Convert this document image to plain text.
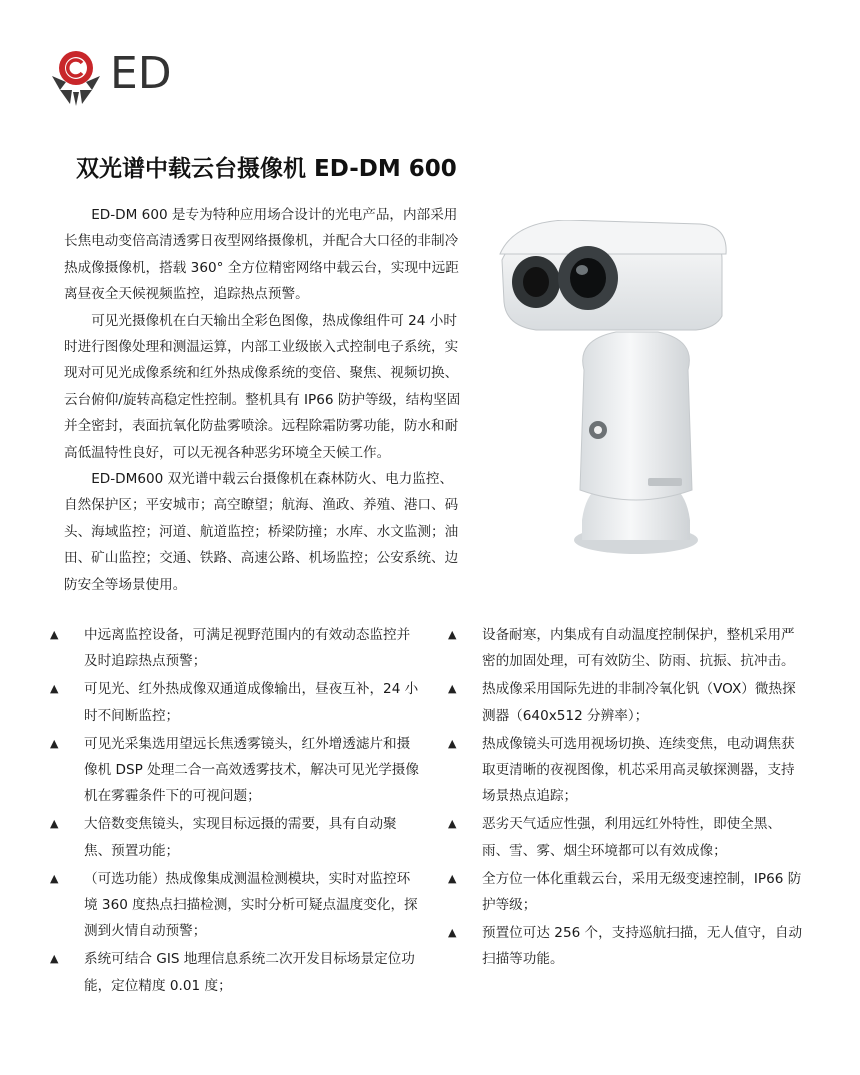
ED
双光谱中载云台摄像机 ED-DM 600

ED-DM 600 是专为特种应用场合设计的光电产品，内部采用长焦电动变倍高清透雾日夜型网络摄像机，并配合大口径的非制冷热成像摄像机，搭载 360° 全方位精密网络中载云台，实现中远距离昼夜全天候视频监控，追踪热点预警。

可见光摄像机在白天输出全彩色图像，热成像组件可 24 小时时进行图像处理和测温运算，内部工业级嵌入式控制电子系统，实现对可见光成像系统和红外热成像系统的变倍、聚焦、视频切换、云台俯仰/旋转高稳定性控制。整机具有 IP66 防护等级，结构坚固并全密封，表面抗氧化防盐雾喷涂。远程除霜防雾功能，防水和耐高低温特性良好，可以无视各种恶劣环境全天候工作。

ED-DM600 双光谱中载云台摄像机在森林防火、电力监控、自然保护区；平安城市；高空瞭望；航海、渔政、养殖、港口、码头、海域监控；河道、航道监控；桥梁防撞；水库、水文监测；油田、矿山监控；交通、铁路、高速公路、机场监控；公安系统、边防安全等场景使用。

▲	中远离监控设备，可满足视野范围内的有效动态监控并及时追踪热点预警；
▲	可见光、红外热成像双通道成像输出，昼夜互补，24 小时不间断监控；
▲	可见光采集选用望远长焦透雾镜头，红外增透滤片和摄像机 DSP 处理二合一高效透雾技术，解决可见光学摄像机在雾霾条件下的可视问题；
▲	大倍数变焦镜头，实现目标远摄的需要，具有自动聚焦、预置功能；
▲	（可选功能）热成像集成测温检测模块，实时对监控环境 360 度热点扫描检测，实时分析可疑点温度变化，探测到火情自动预警；
▲	系统可结合 GIS 地理信息系统二次开发目标场景定位功能，定位精度 0.01 度；
▲	设备耐寒，内集成有自动温度控制保护，整机采用严密的加固处理，可有效防尘、防雨、抗振、抗冲击。
▲	热成像采用国际先进的非制冷氧化钒（VOX）微热探测器（640x512 分辨率）；
▲	热成像镜头可选用视场切换、连续变焦，电动调焦获取更清晰的夜视图像，机芯采用高灵敏探测器，支持场景热点追踪；
▲	恶劣天气适应性强，利用远红外特性，即使全黑、雨、雪、雾、烟尘环境都可以有效成像；
▲	全方位一体化重载云台，采用无级变速控制，IP66 防护等级；
▲	预置位可达 256 个，支持巡航扫描，无人值守，自动扫描等功能。
